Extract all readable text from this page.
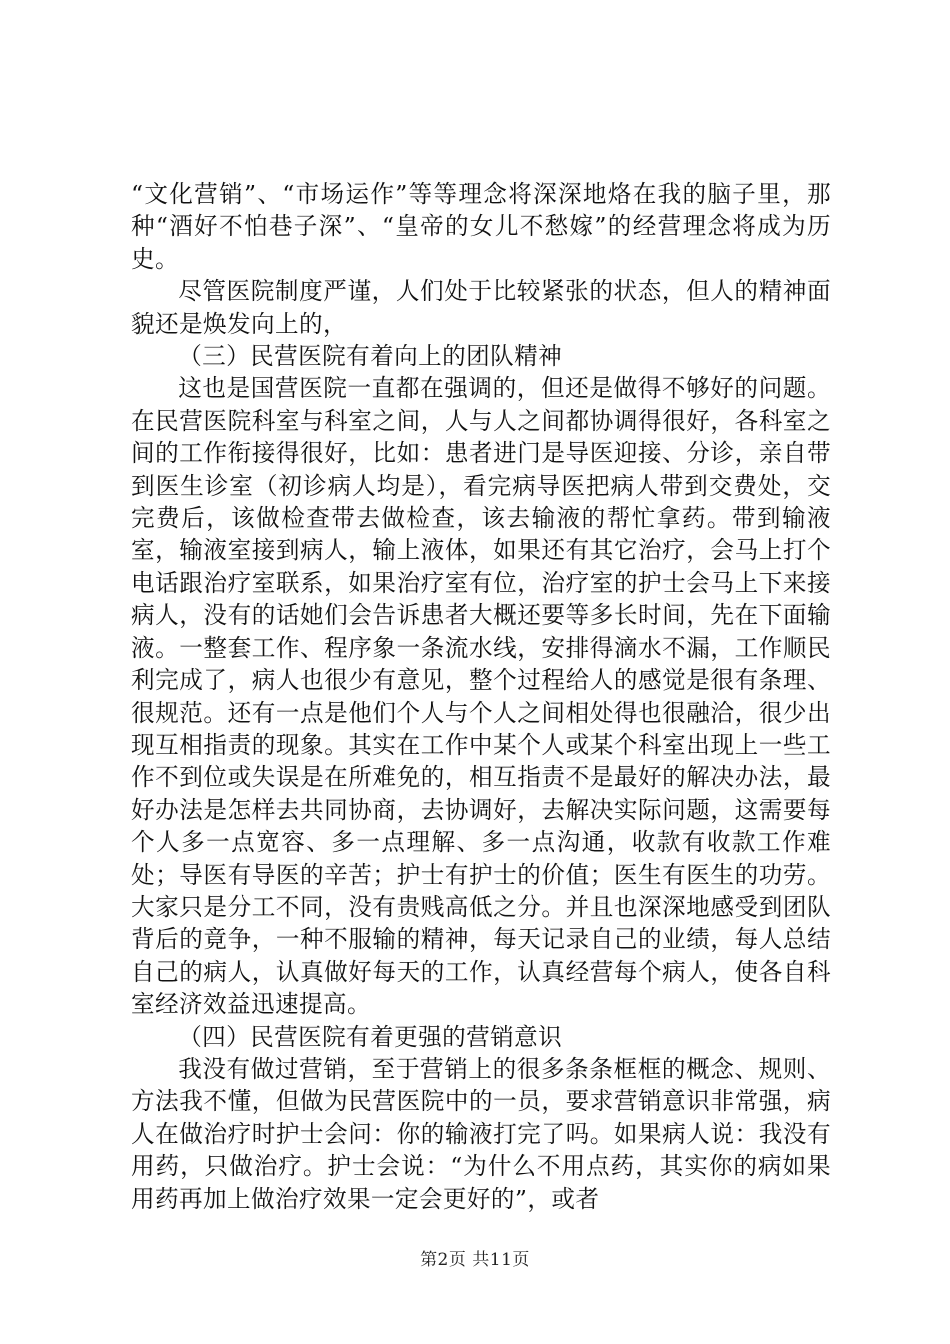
“文化营销”、“市场运作”等等理念将深深地烙在我的脑子里，那种“酒好不怕巷子深”、“皇帝的女儿不愁嫁”的经营理念将成为历史。

尽管医院制度严谨，人们处于比较紧张的状态，但人的精神面貌还是焕发向上的，

（三）民营医院有着向上的团队精神

这也是国营医院一直都在强调的，但还是做得不够好的问题。在民营医院科室与科室之间，人与人之间都协调得很好，各科室之间的工作衔接得很好，比如：患者进门是导医迎接、分诊，亲自带到医生诊室（初诊病人均是），看完病导医把病人带到交费处，交完费后，该做检查带去做检查，该去输液的帮忙拿药。带到输液室，输液室接到病人，输上液体，如果还有其它治疗，会马上打个电话跟治疗室联系，如果治疗室有位，治疗室的护士会马上下来接病人，没有的话她们会告诉患者大概还要等多长时间，先在下面输液。一整套工作、程序象一条流水线，安排得滴水不漏，工作顺民利完成了，病人也很少有意见，整个过程给人的感觉是很有条理、很规范。还有一点是他们个人与个人之间相处得也很融洽，很少出现互相指责的现象。其实在工作中某个人或某个科室出现上一些工作不到位或失误是在所难免的，相互指责不是最好的解决办法，最好办法是怎样去共同协商，去协调好，去解决实际问题，这需要每个人多一点宽容、多一点理解、多一点沟通，收款有收款工作难处；导医有导医的辛苦；护士有护士的价值；医生有医生的功劳。大家只是分工不同，没有贵贱高低之分。并且也深深地感受到团队背后的竟争，一种不服输的精神，每天记录自己的业绩，每人总结自己的病人，认真做好每天的工作，认真经营每个病人，使各自科室经济效益迅速提高。

（四）民营医院有着更强的营销意识

我没有做过营销，至于营销上的很多条条框框的概念、规则、方法我不懂，但做为民营医院中的一员，要求营销意识非常强，病人在做治疗时护士会问：你的输液打完了吗。如果病人说：我没有用药，只做治疗。护士会说：“为什么不用点药，其实你的病如果用药再加上做治疗效果一定会更好的”，或者

第2页 共11页
